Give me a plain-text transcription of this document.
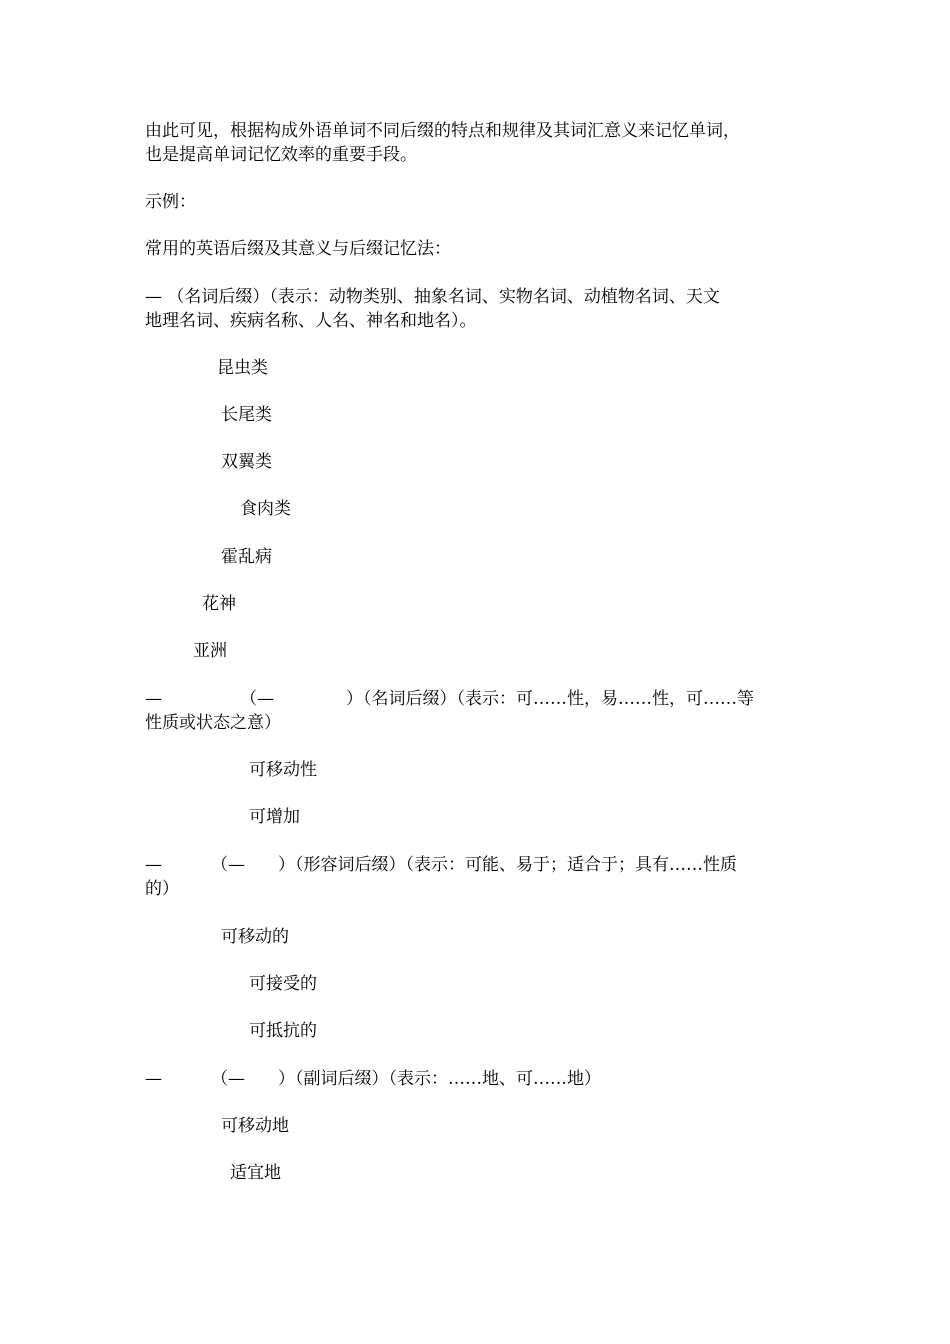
由此可见，根据构成外语单词不同后缀的特点和规律及其词汇意义来记忆单词，
也是提高单词记忆效率的重要手段。
示例：
常用的英语后缀及其意义与后缀记忆法：
— （名词后缀）（表示：动物类别、抽象名词、实物名词、动植物名词、天文
地理名词、疾病名称、人名、神名和地名）。
昆虫类
长尾类
双翼类
食肉类
霍乱病
花神
亚洲
—	（—	）（名词后缀）（表示：可……性，易……性，可……等
性质或状态之意）
可移动性
可增加
—	（— ）（形容词后缀）（表示：可能、易于；适合于；具有……性质
的）
可移动的
可接受的
可抵抗的
—	（— ）（副词后缀）（表示：……地、可……地）
可移动地
适宜地
